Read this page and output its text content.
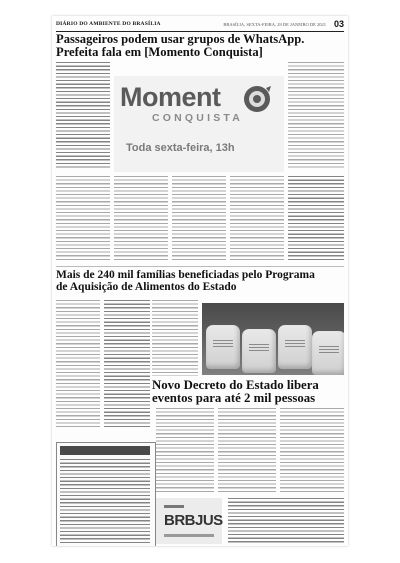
DIÁRIO DO AMBIENTE DO BRASÍLIA	BRASÍLIA, SEXTA-FEIRA, 29 DE JANEIRO DE 2021 03
Passageiros podem usar grupos de WhatsApp.
Prefeita fala em [Momento Conquista]
Moment
CONQUISTA
Toda sexta-feira, 13h
Mais de 240 mil famílias beneficiadas pelo Programa
de Aquisição de Alimentos do Estado
Novo Decreto do Estado libera
eventos para até 2 mil pessoas
BRBJUS
